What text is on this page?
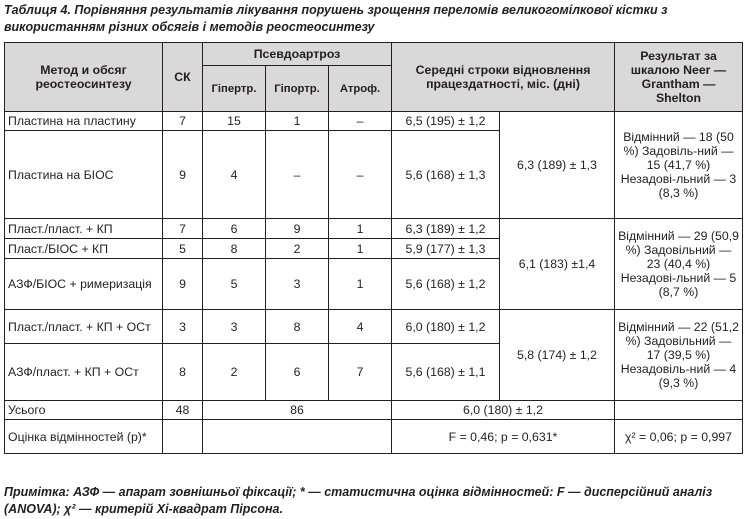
Таблиця 4. Порівняння результатів лікування порушень зрощення переломів великогомілкової кістки з використанням різних обсягів і методів реостеосинтезу
Метод и обсяг реостеосинтезу	СК	Псевдоартроз			Середні строки відновлення працездатності, міс. (дні)		Результат за шкалою Neer — Grantham — Shelton
		Гіпертр.	Гіпортр.	Атроф.			
Пластина на пластину	7	15	1	–	6,5 (195) ± 1,2	6,3 (189) ± 1,3	Відмінний — 18 (50 %) Задовіль-ний —15 (41,7 %) Незадові-льний — 3 (8,3 %)
Пластина на БІОС	9	4	–	–	5,6 (168) ± 1,3		
Пласт./пласт. + КП	7	6	9	1	6,3 (189) ± 1,2	6,1 (183) ±1,4	Відмінний — 29 (50,9 %) Задовільний — 23 (40,4 %) Незадові-льний — 5 (8,7 %)
Пласт./БІОС + КП	5	8	2	1	5,9 (177) ± 1,3		
АЗФ/БІОС + римеризація	9	5	3	1	5,6 (168) ± 1,2		
Пласт./пласт. + КП + ОСт	3	3	8	4	6,0 (180) ± 1,2	5,8 (174) ± 1,2	Відмінний — 22 (51,2 %) Задовільний — 17 (39,5 %) Незадовіль-ний — 4 (9,3 %)
АЗФ/пласт. + КП + ОСт	8	2	6	7	5,6 (168) ± 1,1		
Усього	48	86			6,0 (180) ± 1,2		
Оцінка відмінностей (р)*					F = 0,46; p = 0,631*		χ² = 0,06; р = 0,997
Примітка: АЗФ — апарат зовнішньої фіксації; * — статистична оцінка відмінностей: F — дисперсійний аналіз (ANOVA); χ² — критерій Хі-квадрат Пірсона.
